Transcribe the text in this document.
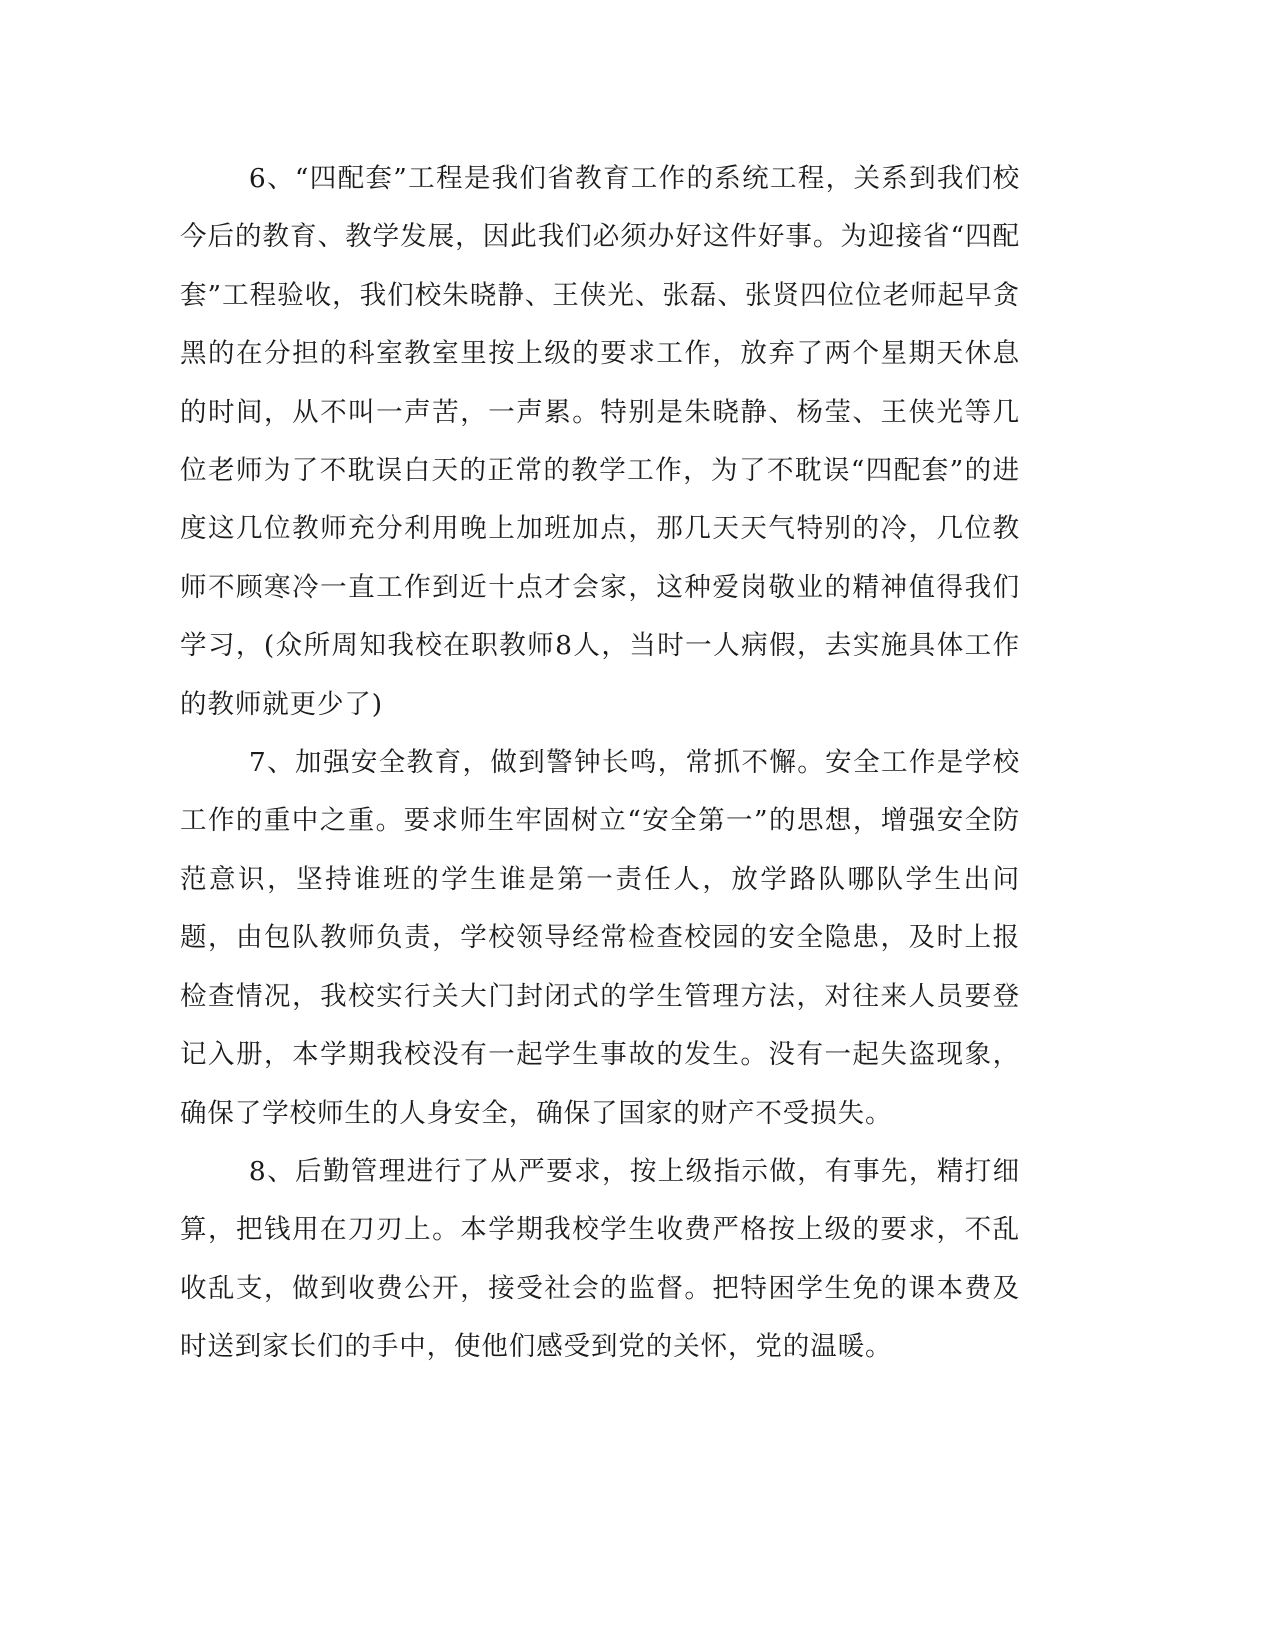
6、“四配套”工程是我们省教育工作的系统工程，关系到我们校今后的教育、教学发展，因此我们必须办好这件好事。为迎接省“四配套”工程验收，我们校朱晓静、王侠光、张磊、张贤四位位老师起早贪黑的在分担的科室教室里按上级的要求工作，放弃了两个星期天休息的时间，从不叫一声苦，一声累。特别是朱晓静、杨莹、王侠光等几位老师为了不耽误白天的正常的教学工作，为了不耽误“四配套”的进度这几位教师充分利用晚上加班加点，那几天天气特别的冷，几位教师不顾寒冷一直工作到近十点才会家，这种爱岗敬业的精神值得我们学习，(众所周知我校在职教师8人，当时一人病假，去实施具体工作的教师就更少了)

7、加强安全教育，做到警钟长鸣，常抓不懈。安全工作是学校工作的重中之重。要求师生牢固树立“安全第一”的思想，增强安全防范意识，坚持谁班的学生谁是第一责任人，放学路队哪队学生出问题，由包队教师负责，学校领导经常检查校园的安全隐患，及时上报检查情况，我校实行关大门封闭式的学生管理方法，对往来人员要登记入册，本学期我校没有一起学生事故的发生。没有一起失盗现象，确保了学校师生的人身安全，确保了国家的财产不受损失。

8、后勤管理进行了从严要求，按上级指示做，有事先，精打细算，把钱用在刀刃上。本学期我校学生收费严格按上级的要求，不乱收乱支，做到收费公开，接受社会的监督。把特困学生免的课本费及时送到家长们的手中，使他们感受到党的关怀，党的温暖。
